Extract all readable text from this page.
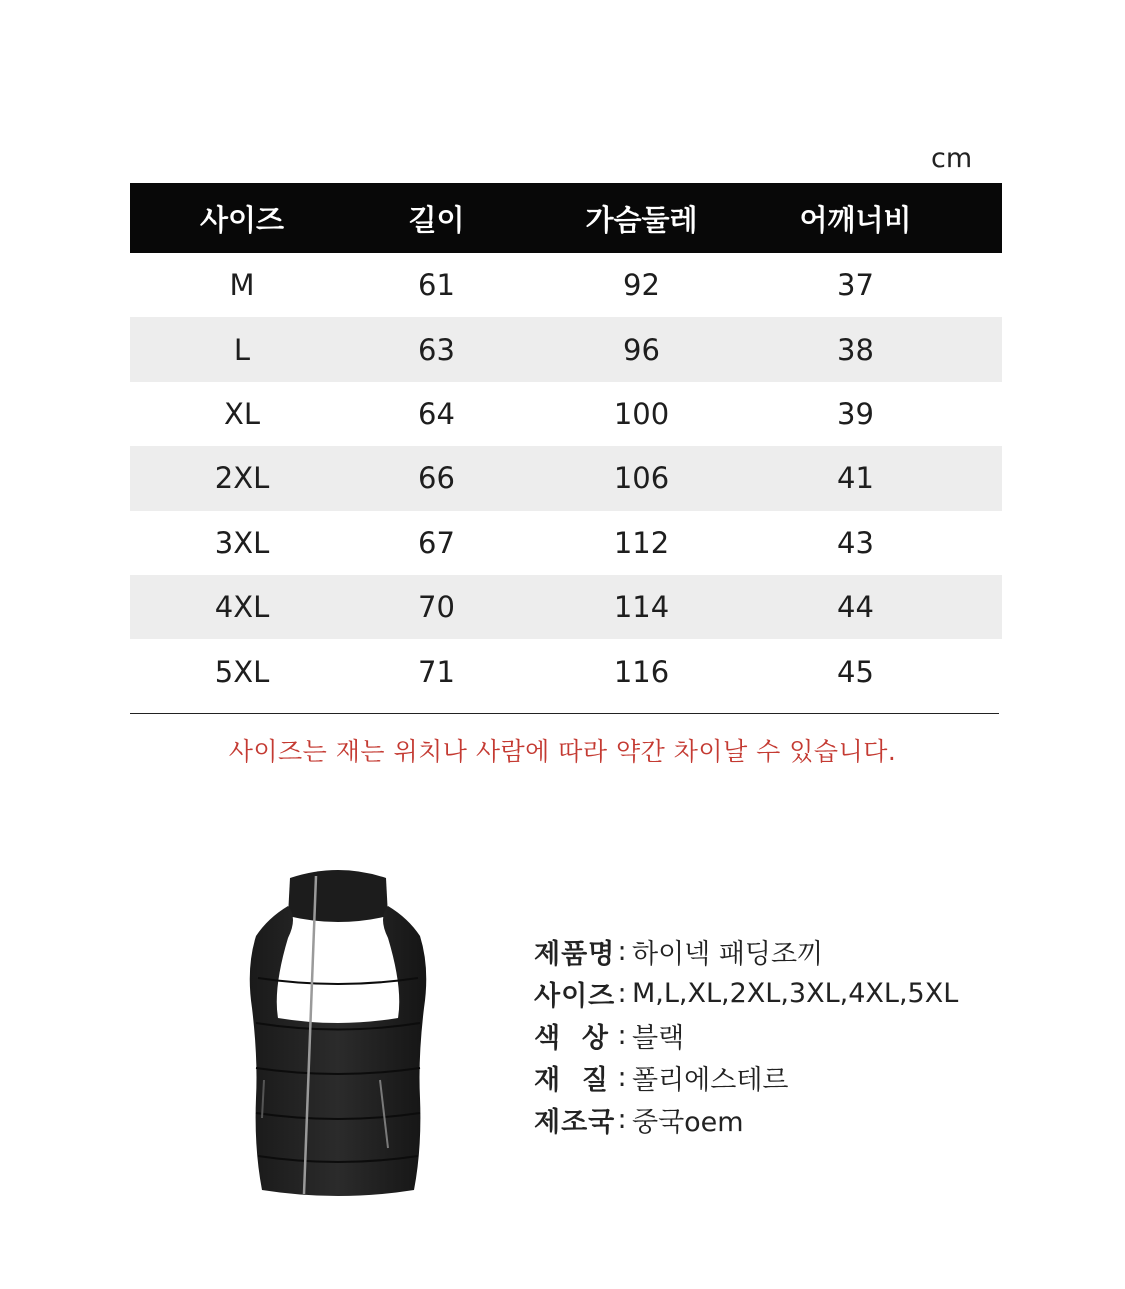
cm
사이즈	길이	가슴둘레	어깨너비
M	61	92	37
L	63	96	38
XL	64	100	39
2XL	66	106	41
3XL	67	112	43
4XL	70	114	44
5XL	71	116	45
사이즈는 재는 위치나 사람에 따라 약간 차이날 수 있습니다.
제품명 : 하이넥 패딩조끼
사이즈 : M,L,XL,2XL,3XL,4XL,5XL
색  상 : 블랙
재  질 : 폴리에스테르
제조국 : 중국oem
